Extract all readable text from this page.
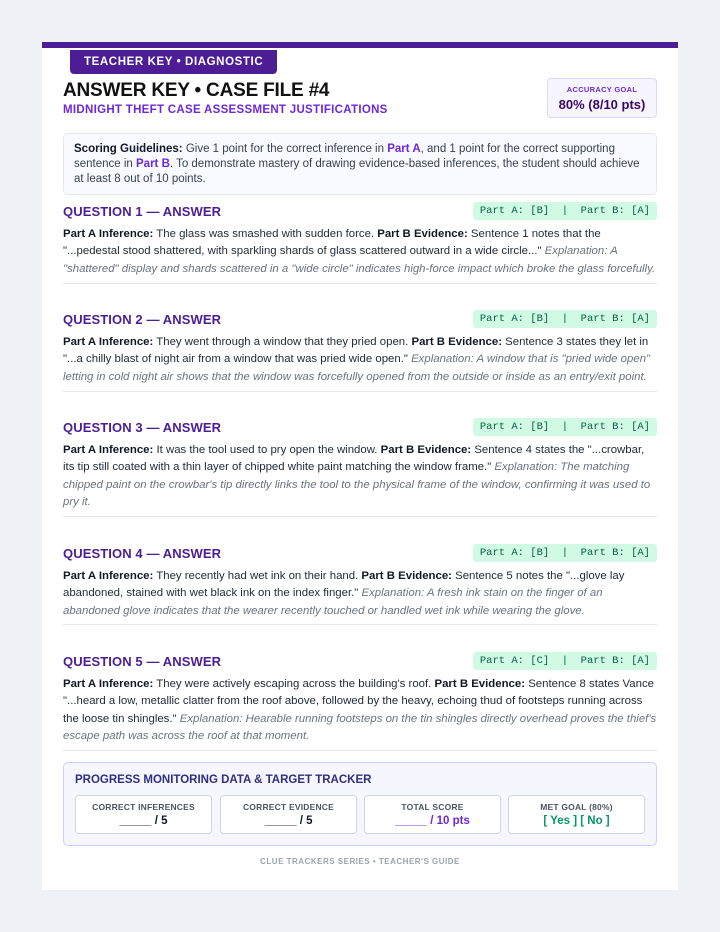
TEACHER KEY • DIAGNOSTIC
ANSWER KEY • CASE FILE #4
MIDNIGHT THEFT CASE ASSESSMENT JUSTIFICATIONS
ACCURACY GOAL
80% (8/10 pts)
Scoring Guidelines: Give 1 point for the correct inference in Part A, and 1 point for the correct supporting sentence in Part B. To demonstrate mastery of drawing evidence-based inferences, the student should achieve at least 8 out of 10 points.
QUESTION 1 — ANSWER	Part A: [B]  |  Part B: [A]
Part A Inference: The glass was smashed with sudden force. Part B Evidence: Sentence 1 notes that the "...pedestal stood shattered, with sparkling shards of glass scattered outward in a wide circle..." Explanation: A "shattered" display and shards scattered in a "wide circle" indicates high-force impact which broke the glass forcefully.
QUESTION 2 — ANSWER	Part A: [B]  |  Part B: [A]
Part A Inference: They went through a window that they pried open. Part B Evidence: Sentence 3 states they let in "...a chilly blast of night air from a window that was pried wide open." Explanation: A window that is "pried wide open" letting in cold night air shows that the window was forcefully opened from the outside or inside as an entry/exit point.
QUESTION 3 — ANSWER	Part A: [B]  |  Part B: [A]
Part A Inference: It was the tool used to pry open the window. Part B Evidence: Sentence 4 states the "...crowbar, its tip still coated with a thin layer of chipped white paint matching the window frame." Explanation: The matching chipped paint on the crowbar's tip directly links the tool to the physical frame of the window, confirming it was used to pry it.
QUESTION 4 — ANSWER	Part A: [B]  |  Part B: [A]
Part A Inference: They recently had wet ink on their hand. Part B Evidence: Sentence 5 notes the "...glove lay abandoned, stained with wet black ink on the index finger." Explanation: A fresh ink stain on the finger of an abandoned glove indicates that the wearer recently touched or handled wet ink while wearing the glove.
QUESTION 5 — ANSWER	Part A: [C]  |  Part B: [A]
Part A Inference: They were actively escaping across the building's roof. Part B Evidence: Sentence 8 states Vance "...heard a low, metallic clatter from the roof above, followed by the heavy, echoing thud of footsteps running across the loose tin shingles." Explanation: Hearable running footsteps on the tin shingles directly overhead proves the thief's escape path was across the roof at that moment.
PROGRESS MONITORING DATA & TARGET TRACKER
CORRECT INFERENCES
_____ / 5
CORRECT EVIDENCE
_____ / 5
TOTAL SCORE
_____ / 10 pts
MET GOAL (80%)
[ Yes ] [ No ]
CLUE TRACKERS SERIES • TEACHER'S GUIDE
